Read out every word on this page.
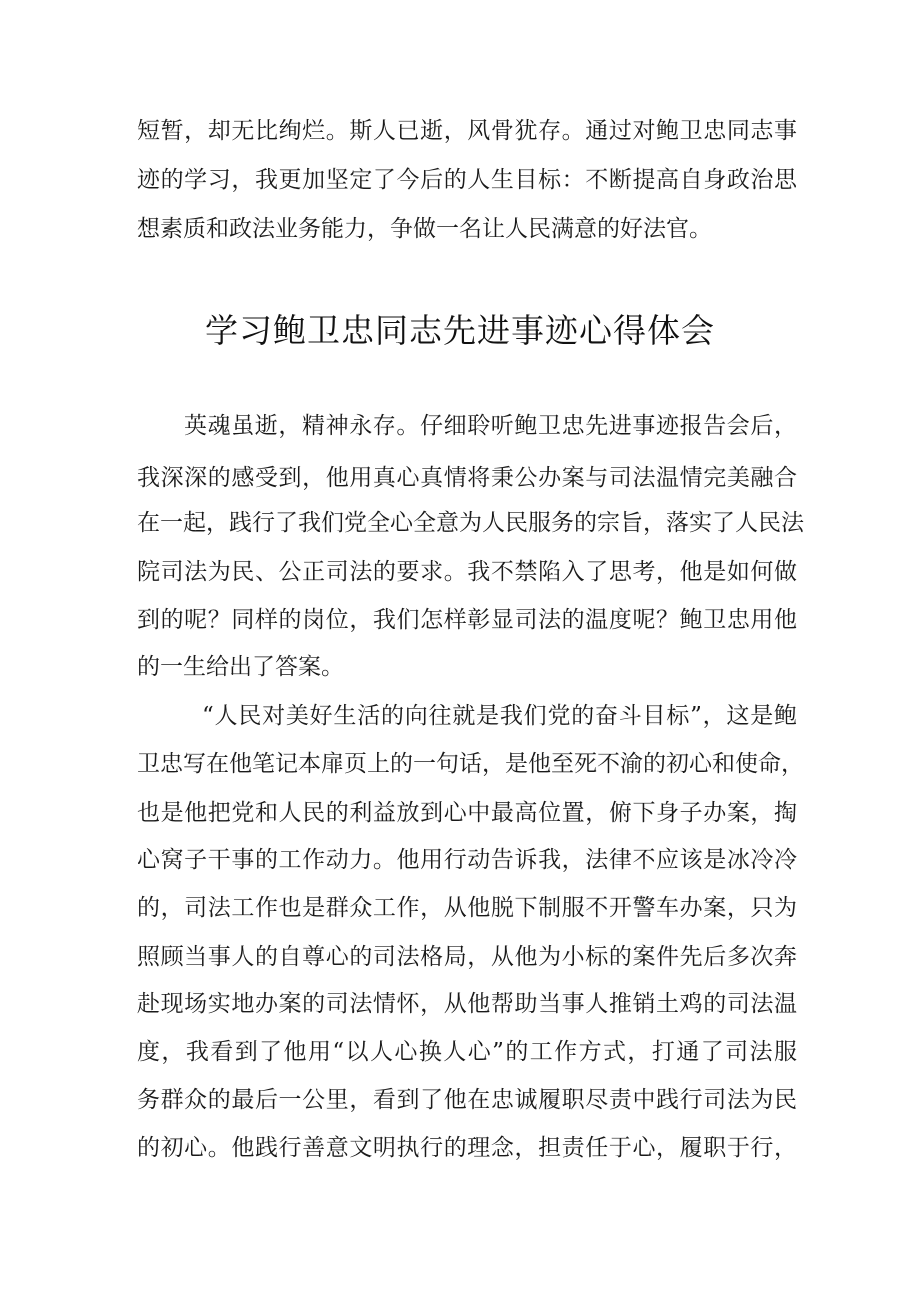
短暂，却无比绚烂。斯人已逝，风骨犹存。通过对鲍卫忠同志事
迹的学习，我更加坚定了今后的人生目标：不断提高自身政治思
想素质和政法业务能力，争做一名让人民满意的好法官。
学习鲍卫忠同志先进事迹心得体会
英魂虽逝，精神永存。仔细聆听鲍卫忠先进事迹报告会后，
我深深的感受到，他用真心真情将秉公办案与司法温情完美融合
在一起，践行了我们党全心全意为人民服务的宗旨，落实了人民法
院司法为民、公正司法的要求。我不禁陷入了思考，他是如何做
到的呢？同样的岗位，我们怎样彰显司法的温度呢？鲍卫忠用他
的一生给出了答案。
“人民对美好生活的向往就是我们党的奋斗目标”，这是鲍
卫忠写在他笔记本扉页上的一句话，是他至死不渝的初心和使命，
也是他把党和人民的利益放到心中最高位置，俯下身子办案，掏
心窝子干事的工作动力。他用行动告诉我，法律不应该是冰冷冷
的，司法工作也是群众工作，从他脱下制服不开警车办案，只为
照顾当事人的自尊心的司法格局，从他为小标的案件先后多次奔
赴现场实地办案的司法情怀，从他帮助当事人推销土鸡的司法温
度，我看到了他用“以人心换人心”的工作方式，打通了司法服
务群众的最后一公里，看到了他在忠诚履职尽责中践行司法为民
的初心。他践行善意文明执行的理念，担责任于心，履职于行，
